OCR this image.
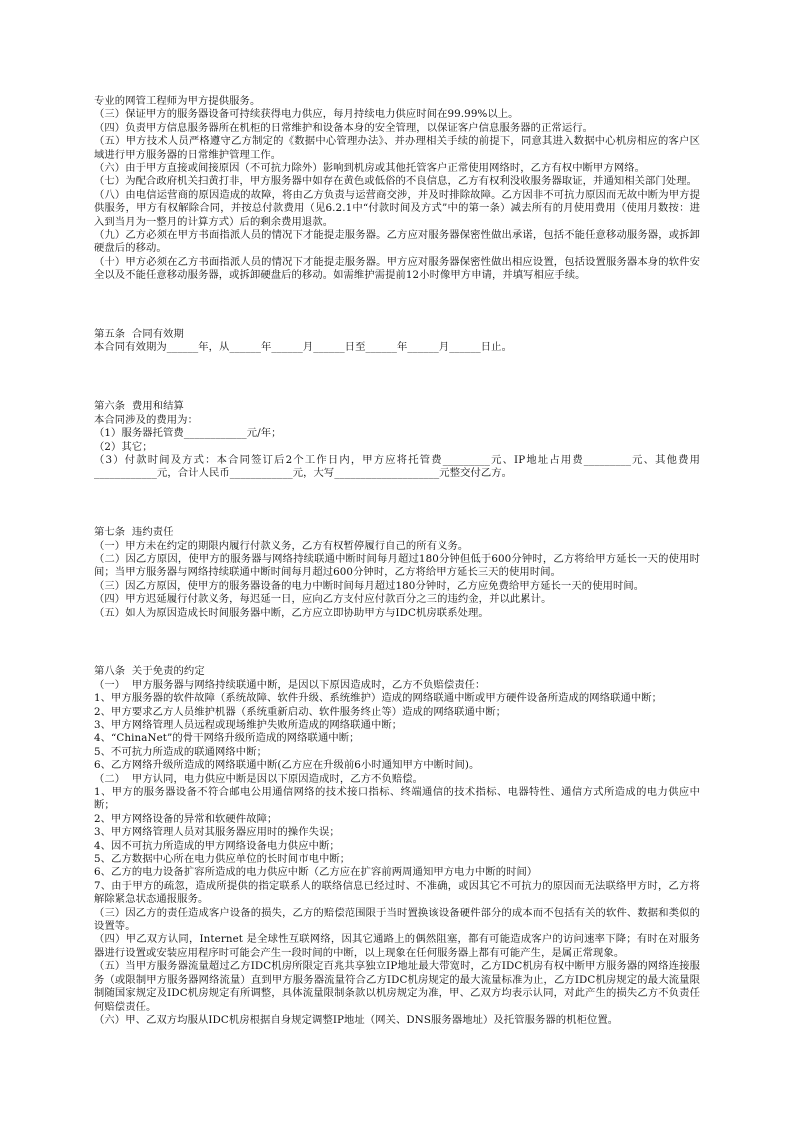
专业的网管工程师为甲方提供服务。

（三）保证甲方的服务器设备可持续获得电力供应，每月持续电力供应时间在99.99%以上。

（四）负责甲方信息服务器所在机柜的日常维护和设备本身的安全管理，以保证客户信息服务器的正常运行。

（五）甲方技术人员严格遵守乙方制定的《数据中心管理办法》、并办理相关手续的前提下，同意其进入数据中心机房相应的客户区域进行甲方服务器的日常维护管理工作。

（六）由于甲方直接或间接原因（不可抗力除外）影响到机房或其他托管客户正常使用网络时，乙方有权中断甲方网络。

（七）为配合政府机关扫黄打非，甲方服务器中如存在黄色或低俗的不良信息，乙方有权利没收服务器取证，并通知相关部门处理。

（八）由电信运营商的原因造成的故障，将由乙方负责与运营商交涉，并及时排除故障。乙方因非不可抗力原因而无故中断为甲方提供服务，甲方有权解除合同，并按总付款费用（见6.2.1中“付款时间及方式”中的第一条）减去所有的月使用费用（使用月数按：进入到当月为一整月的计算方式）后的剩余费用退款。

（九）乙方必须在甲方书面指派人员的情况下才能提走服务器。乙方应对服务器保密性做出承诺，包括不能任意移动服务器，或拆卸硬盘后的移动。

（十）甲方必须在乙方书面指派人员的情况下才能提走服务器。甲方应对服务器保密性做出相应设置，包括设置服务器本身的软件安全以及不能任意移动服务器，或拆卸硬盘后的移动。如需维护需提前12小时像甲方申请，并填写相应手续。

第五条  合同有效期

本合同有效期为______年，从______年______月______日至______年______月______日止。

第六条  费用和结算

本合同涉及的费用为：

（1）服务器托管费____________元/年；

（2）其它；

（3）付款时间及方式：本合同签订后2个工作日内，甲方应将托管费_________元、IP地址占用费_________元、其他费用____________元，合计人民币____________元，大写____________________元整交付乙方。

第七条  违约责任

（一）甲方未在约定的期限内履行付款义务，乙方有权暂停履行自己的所有义务。

（二）因乙方原因，使甲方的服务器与网络持续联通中断时间每月超过180分钟但低于600分钟时，乙方将给甲方延长一天的使用时间；当甲方服务器与网络持续联通中断时间每月超过600分钟时，乙方将给甲方延长三天的使用时间。

（三）因乙方原因，使甲方的服务器设备的电力中断时间每月超过180分钟时，乙方应免费给甲方延长一天的使用时间。

（四）甲方迟延履行付款义务，每迟延一日，应向乙方支付应付款百分之三的违约金，并以此累计。

（五）如人为原因造成长时间服务器中断，乙方应立即协助甲方与IDC机房联系处理。

第八条  关于免责的约定

（一）  甲方服务器与网络持续联通中断，是因以下原因造成时，乙方不负赔偿责任：

1、甲方服务器的软件故障（系统故障、软件升级、系统维护）造成的网络联通中断或甲方硬件设备所造成的网络联通中断；

2、甲方要求乙方人员维护机器（系统重新启动、软件服务终止等）造成的网络联通中断；

3、甲方网络管理人员远程或现场维护失败所造成的网络联通中断；

4、“ChinaNet”的骨干网络升级所造成的网络联通中断；

5、不可抗力所造成的联通网络中断；

6、乙方网络升级所造成的网络联通中断(乙方应在升级前6小时通知甲方中断时间)。

（二）  甲方认同，电力供应中断是因以下原因造成时，乙方不负赔偿。

1、甲方的服务器设备不符合邮电公用通信网络的技术接口指标、终端通信的技术指标、电器特性、通信方式所造成的电力供应中断；

2、甲方网络设备的异常和软硬件故障；

3、甲方网络管理人员对其服务器应用时的操作失误；

4、因不可抗力所造成的甲方网络设备电力供应中断；

5、乙方数据中心所在电力供应单位的长时间市电中断；

6、乙方的电力设备扩容所造成的电力供应中断（乙方应在扩容前两周通知甲方电力中断的时间）

7、由于甲方的疏忽，造成所提供的指定联系人的联络信息已经过时、不准确，或因其它不可抗力的原因而无法联络甲方时，乙方将解除紧急状态通报服务。

（三）因乙方的责任造成客户设备的损失，乙方的赔偿范围限于当时置换该设备硬件部分的成本而不包括有关的软件、数据和类似的设置等。

（四）甲乙双方认同，Internet 是全球性互联网络，因其它通路上的偶然阻塞，都有可能造成客户的访问速率下降；有时在对服务器进行设置或安装应用程序时可能会产生一段时间的中断，以上现象在任何服务器上都有可能产生，是属正常现象。

（五）当甲方服务器流量超过乙方IDC机房所限定百兆共享独立IP地址最大带宽时，乙方IDC机房有权中断甲方服务器的网络连接服务（或限制甲方服务器网络流量）直到甲方服务器流量符合乙方IDC机房规定的最大流量标准为止，乙方IDC机房规定的最大流量限制随国家规定及IDC机房规定有所调整，具体流量限制条款以机房规定为准，甲、乙双方均表示认同，对此产生的损失乙方不负责任何赔偿责任。

（六）甲、乙双方均服从IDC机房根据自身规定调整IP地址（网关、DNS服务器地址）及托管服务器的机柜位置。
